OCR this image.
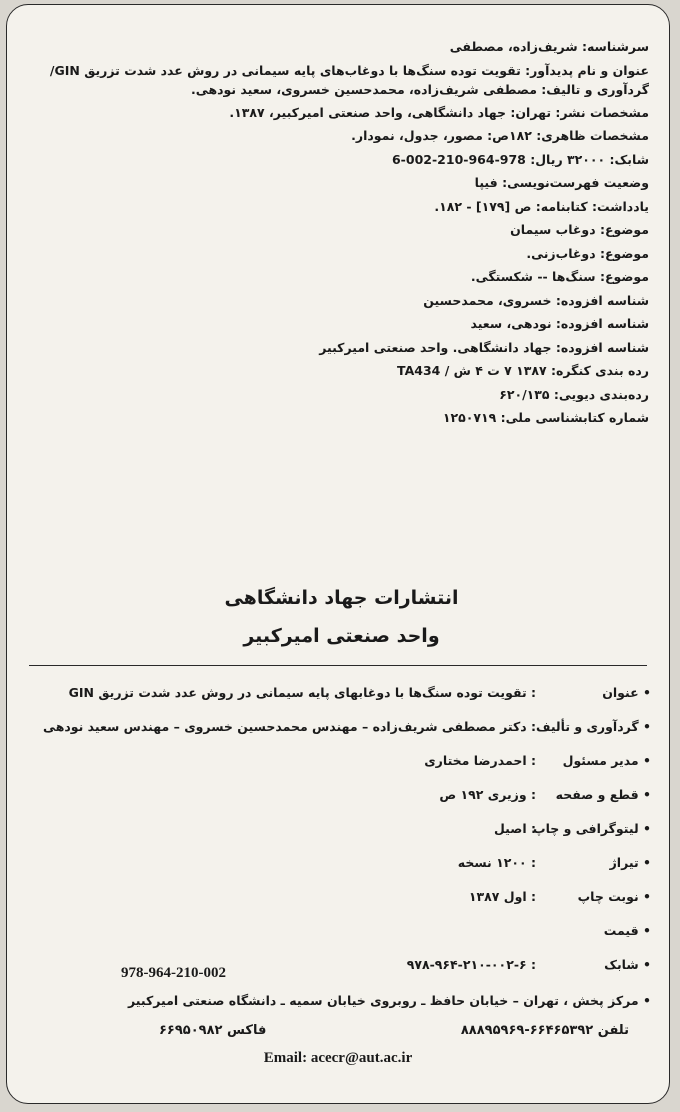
سرشناسه: شریف‌زاده، مصطفی
عنوان و نام پدیدآور: تقویت توده سنگ‌ها با دوغاب‌های پایه سیمانی در روش عدد شدت تزریق GIN/گردآوری و تالیف: مصطفی شریف‌زاده، محمدحسین خسروی، سعید نودهی.
مشخصات نشر: تهران: جهاد دانشگاهی، واحد صنعتی امیرکبیر، ۱۳۸۷.
مشخصات ظاهری: ۱۸۲ص: مصور، جدول، نمودار.
شابک: ۳۲۰۰۰ ریال: 978-964-210-002-6
وضعیت فهرست‌نویسی: فیپا
یادداشت: کتابنامه: ص [۱۷۹] - ۱۸۲.
موضوع: دوغاب سیمان
موضوع: دوغاب‌زنی.
موضوع: سنگ‌ها -- شکستگی.
شناسه افزوده: خسروی، محمدحسین
شناسه افزوده: نودهی، سعید
شناسه افزوده: جهاد دانشگاهی. واحد صنعتی امیرکبیر
رده بندی کنگره: ۱۳۸۷ ۷ ت ۴ ش / TA434
رده‌بندی دیویی: ۶۲۰/۱۳۵
شماره کتابشناسی ملی: ۱۲۵۰۷۱۹
انتشارات جهاد دانشگاهی
واحد صنعتی امیرکبیر
• عنوان
: تقویت توده سنگ‌ها با دوغابهای پایه سیمانی در روش عدد شدت تزریق GIN
• گردآوری و تألیف
: دکتر مصطفی شریف‌زاده – مهندس محمدحسین خسروی – مهندس سعید نودهی
• مدیر مسئول
: احمدرضا مختاری
• قطع و صفحه
: وزیری ۱۹۲ ص
• لیتوگرافی و چاپ
: اصیل
• تیراژ
: ۱۲۰۰ نسخه
• نوبت چاپ
: اول ۱۳۸۷
• قیمت
• شابک
: ۹۷۸-۹۶۴-۲۱۰-۰۰۲-۶
978-964-210-002
• مرکز پخش ، تهران – خیابان حافظ ـ روبروی خیابان سمیه ـ دانشگاه صنعتی امیرکبیر
تلفن ۶۶۴۶۵۳۹۲-۸۸۸۹۵۹۶۹
فاکس ۶۶۹۵۰۹۸۲
Email: acecr@aut.ac.ir
